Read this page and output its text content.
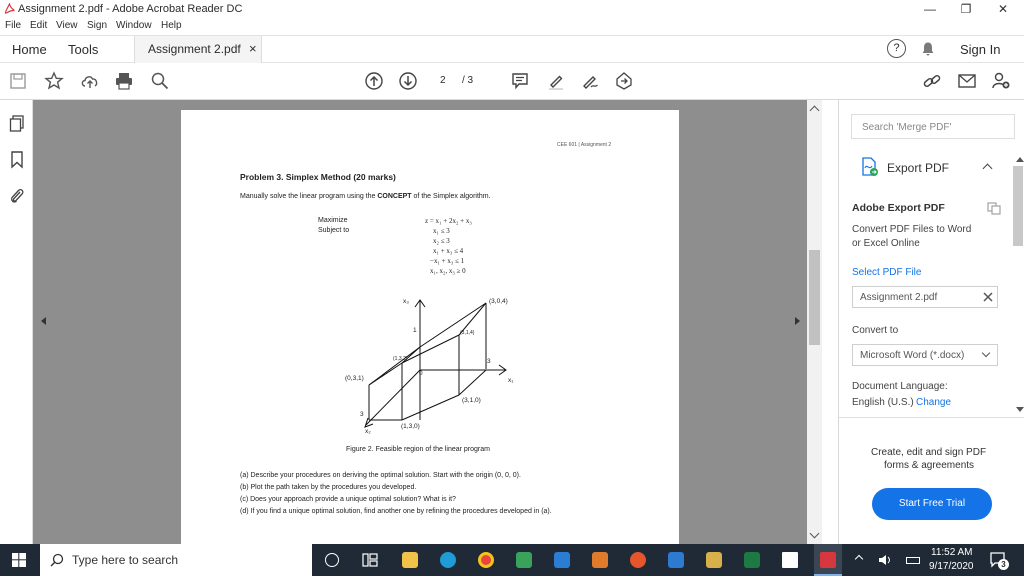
Assignment 2.pdf - Adobe Acrobat Reader DC	—	❐	✕
File Edit View Sign Window Help
Home Tools	Assignment 2.pdf ×	?	Sign In
2 / 3
CEE 601 | Assignment 2
Problem 3. Simplex Method (20 marks)
Manually solve the linear program using the CONCEPT of the Simplex algorithm.
Maximize
Subject to
z = x₁ + 2x₂ + x₃
x₁ ≤ 3
x₂ ≤ 3
x₁ + x₃ ≤ 4
−x₁ + x₃ ≤ 1
x₁, x₂, x₃ ≥ 0
x₃
x₁
x₂
(3,0,4)
(3,1,4)
(1,3,2)
(0,3,1)
(3,1,0)
(1,3,0)
1
0
3
3
Figure 2. Feasible region of the linear program
(a) Describe your procedures on deriving the optimal solution. Start with the origin (0, 0, 0).
(b) Plot the path taken by the procedures you developed.
(c) Does your approach provide a unique optimal solution? What is it?
(d) If you find a unique optimal solution, find another one by refining the procedures developed in (a).
Search 'Merge PDF'
Export PDF
Adobe Export PDF
Convert PDF Files to Word
or Excel Online
Select PDF File
Assignment 2.pdf
Convert to
Microsoft Word (*.docx)
Document Language:
English (U.S.) Change
Create, edit and sign PDF
forms & agreements
Start Free Trial
Type here to search
11:52 AM
9/17/2020	3
